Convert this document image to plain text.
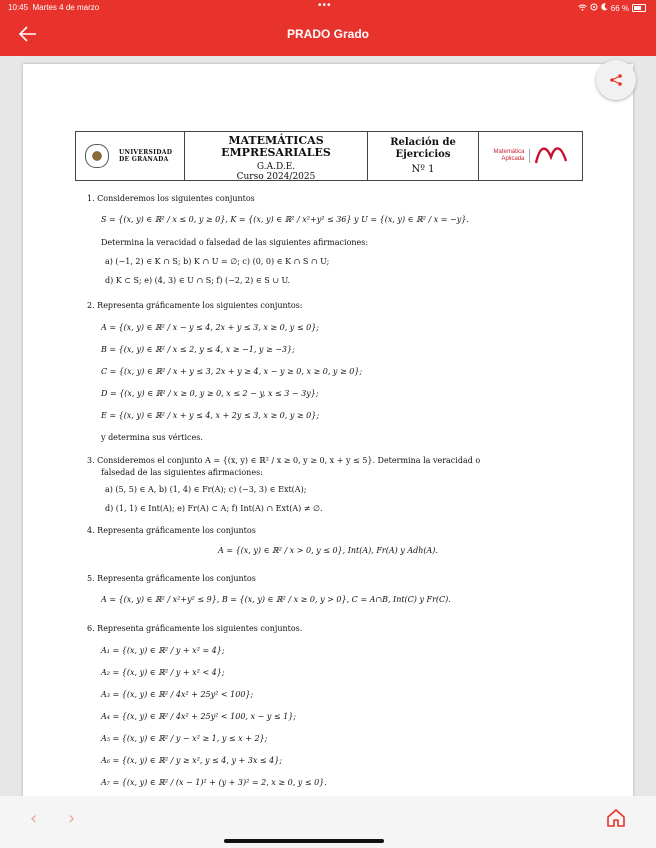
10:45 Martes 4 de marzo	•••	66 %
PRADO Grado
UNIVERSIDAD
DE GRANADA
MATEMÁTICAS
EMPRESARIALES
G.A.D.E.
Curso 2024/2025
Relación de
Ejercicios
Nº 1
Matemática
Aplicada
1. Consideremos los siguientes conjuntos
S = {(x, y) ∈ ℝ² / x ≤ 0, y ≥ 0}, K = {(x, y) ∈ ℝ² / x²+y² ≤ 36} y U = {(x, y) ∈ ℝ² / x = −y}.
Determina la veracidad o falsedad de las siguientes afirmaciones:
a) (−1, 2) ∈ K ∩ S; b) K ∩ U = ∅; c) (0, 0) ∈ K ∩ S ∩ U;
d) K ⊂ S; e) (4, 3) ∈ U ∩ S; f) (−2, 2) ∈ S ∪ U.
2. Representa gráficamente los siguientes conjuntos:
A = {(x, y) ∈ ℝ² / x − y ≤ 4, 2x + y ≤ 3, x ≥ 0, y ≤ 0};
B = {(x, y) ∈ ℝ² / x ≤ 2, y ≤ 4, x ≥ −1, y ≥ −3};
C = {(x, y) ∈ ℝ² / x + y ≤ 3, 2x + y ≥ 4, x − y ≥ 0, x ≥ 0, y ≥ 0};
D = {(x, y) ∈ ℝ² / x ≥ 0, y ≥ 0, x ≤ 2 − y, x ≤ 3 − 3y};
E = {(x, y) ∈ ℝ² / x + y ≤ 4, x + 2y ≤ 3, x ≥ 0, y ≥ 0};
y determina sus vértices.
3. Consideremos el conjunto A = {(x, y) ∈ ℝ² / x ≥ 0, y ≥ 0, x + y ≤ 5}. Determina la veracidad o
falsedad de las siguientes afirmaciones:
a) (5, 5) ∈ A, b) (1, 4) ∈ Fr(A); c) (−3, 3) ∈ Ext(A);
d) (1, 1) ∈ Int(A); e) Fr(A) ⊂ A; f) Int(A) ∩ Ext(A) ≠ ∅.
4. Representa gráficamente los conjuntos
A = {(x, y) ∈ ℝ² / x > 0, y ≤ 0}, Int(A), Fr(A) y Adh(A).
5. Representa gráficamente los conjuntos
A = {(x, y) ∈ ℝ² / x²+y² ≤ 9}, B = {(x, y) ∈ ℝ² / x ≥ 0, y > 0}, C = A∩B, Int(C) y Fr(C).
6. Representa gráficamente los siguientes conjuntos.
A₁ = {(x, y) ∈ ℝ² / y + x² = 4};
A₂ = {(x, y) ∈ ℝ² / y + x² < 4};
A₃ = {(x, y) ∈ ℝ² / 4x² + 25y² < 100};
A₄ = {(x, y) ∈ ℝ² / 4x² + 25y² < 100, x − y ≤ 1};
A₅ = {(x, y) ∈ ℝ² / y − x² ≥ 1, y ≤ x + 2};
A₆ = {(x, y) ∈ ℝ² / y ≥ x², y ≤ 4, y + 3x ≤ 4};
A₇ = {(x, y) ∈ ℝ² / (x − 1)² + (y + 3)² = 2, x ≥ 0, y ≤ 0}.
‹ ›
